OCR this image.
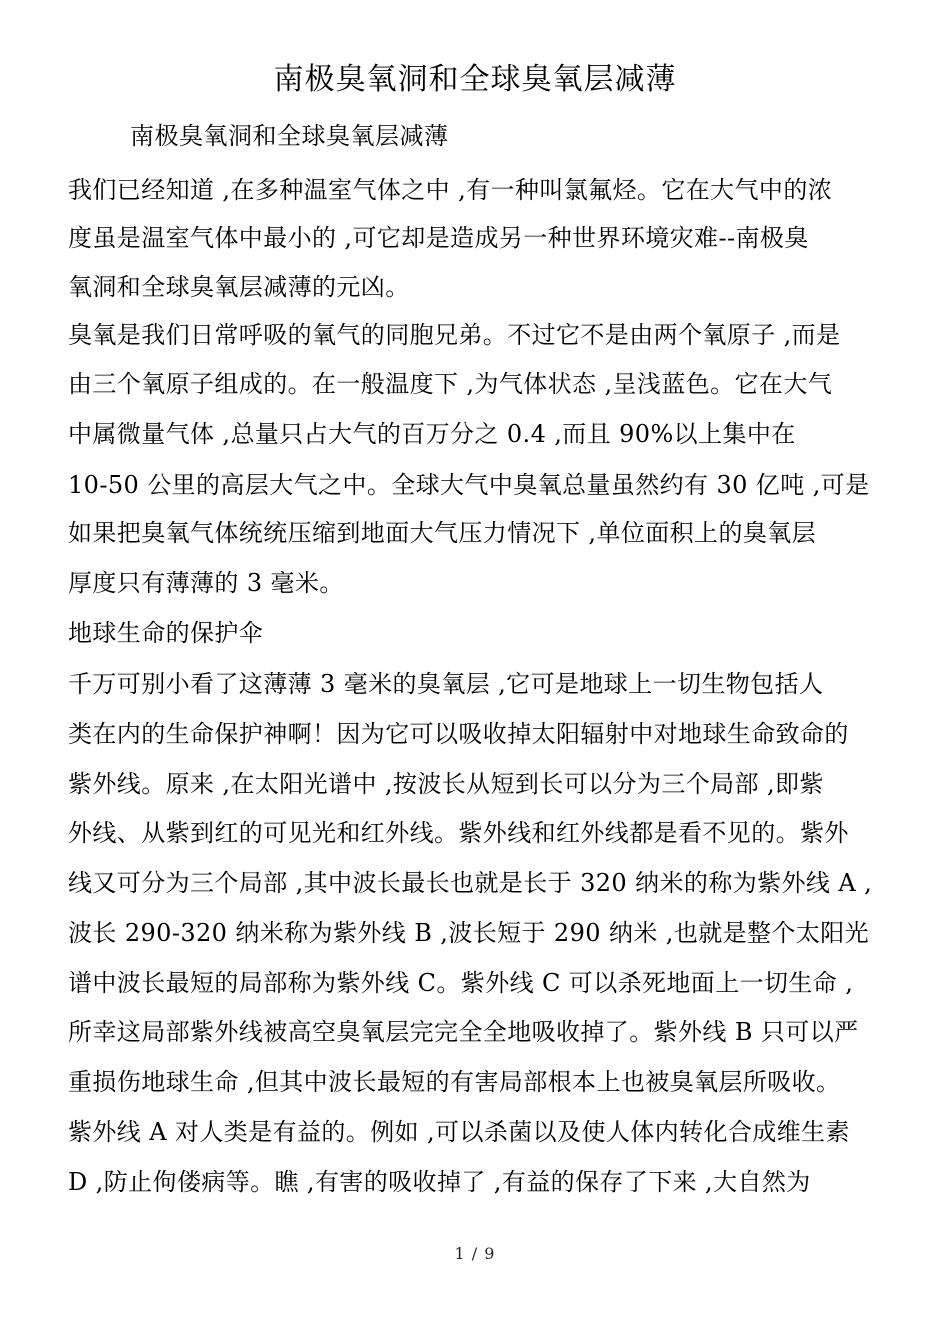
南极臭氧洞和全球臭氧层减薄
南极臭氧洞和全球臭氧层减薄
我们已经知道 ,在多种温室气体之中 ,有一种叫氯氟烃。它在大气中的浓
度虽是温室气体中最小的 ,可它却是造成另一种世界环境灾难--南极臭
氧洞和全球臭氧层减薄的元凶。
臭氧是我们日常呼吸的氧气的同胞兄弟。不过它不是由两个氧原子 ,而是
由三个氧原子组成的。在一般温度下 ,为气体状态 ,呈浅蓝色。它在大气
中属微量气体 ,总量只占大气的百万分之 0.4 ,而且 90%以上集中在
10-50 公里的高层大气之中。全球大气中臭氧总量虽然约有 30 亿吨 ,可是
如果把臭氧气体统统压缩到地面大气压力情况下 ,单位面积上的臭氧层
厚度只有薄薄的 3 毫米。
地球生命的保护伞
千万可别小看了这薄薄 3 毫米的臭氧层 ,它可是地球上一切生物包括人
类在内的生命保护神啊！因为它可以吸收掉太阳辐射中对地球生命致命的
紫外线。原来 ,在太阳光谱中 ,按波长从短到长可以分为三个局部 ,即紫
外线、从紫到红的可见光和红外线。紫外线和红外线都是看不见的。紫外
线又可分为三个局部 ,其中波长最长也就是长于 320 纳米的称为紫外线 A ,
波长 290-320 纳米称为紫外线 B ,波长短于 290 纳米 ,也就是整个太阳光
谱中波长最短的局部称为紫外线 C。紫外线 C 可以杀死地面上一切生命 ,
所幸这局部紫外线被高空臭氧层完完全全地吸收掉了。紫外线 B 只可以严
重损伤地球生命 ,但其中波长最短的有害局部根本上也被臭氧层所吸收。
紫外线 A 对人类是有益的。例如 ,可以杀菌以及使人体内转化合成维生素
D ,防止佝偻病等。瞧 ,有害的吸收掉了 ,有益的保存了下来 ,大自然为
1 / 9
